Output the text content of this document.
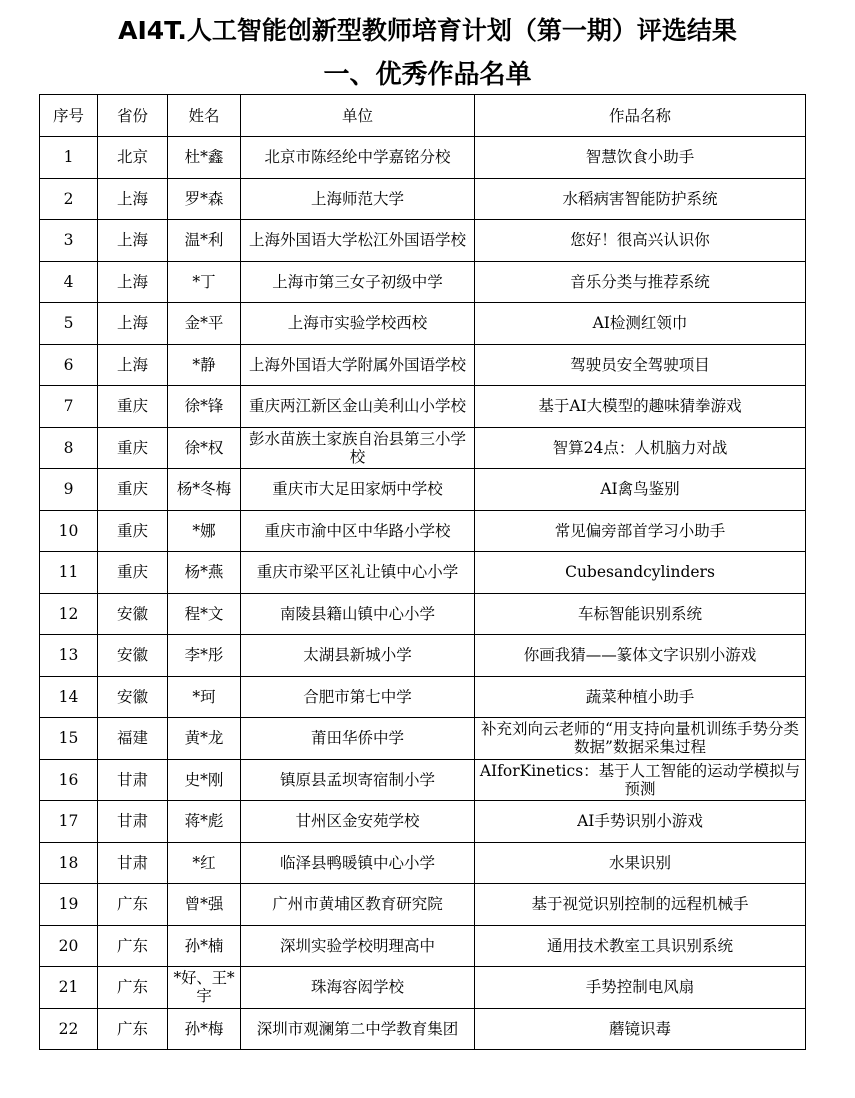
AI4T.人工智能创新型教师培育计划（第一期）评选结果
一、优秀作品名单
序号	省份	姓名	单位	作品名称
1	北京	杜*鑫	北京市陈经纶中学嘉铭分校	智慧饮食小助手
2	上海	罗*森	上海师范大学	水稻病害智能防护系统
3	上海	温*利	上海外国语大学松江外国语学校	您好！很高兴认识你
4	上海	*丁	上海市第三女子初级中学	音乐分类与推荐系统
5	上海	金*平	上海市实验学校西校	AI检测红领巾
6	上海	*静	上海外国语大学附属外国语学校	驾驶员安全驾驶项目
7	重庆	徐*锋	重庆两江新区金山美利山小学校	基于AI大模型的趣味猜拳游戏
8	重庆	徐*权	彭水苗族土家族自治县第三小学校	智算24点：人机脑力对战
9	重庆	杨*冬梅	重庆市大足田家炳中学校	AI禽鸟鉴别
10	重庆	*娜	重庆市渝中区中华路小学校	常见偏旁部首学习小助手
11	重庆	杨*燕	重庆市梁平区礼让镇中心小学	Cubesandcylinders
12	安徽	程*文	南陵县籍山镇中心小学	车标智能识别系统
13	安徽	李*彤	太湖县新城小学	你画我猜——篆体文字识别小游戏
14	安徽	*珂	合肥市第七中学	蔬菜种植小助手
15	福建	黄*龙	莆田华侨中学	补充刘向云老师的“用支持向量机训练手势分类数据”数据采集过程
16	甘肃	史*刚	镇原县孟坝寄宿制小学	AIforKinetics：基于人工智能的运动学模拟与预测
17	甘肃	蒋*彪	甘州区金安苑学校	AI手势识别小游戏
18	甘肃	*红	临泽县鸭暖镇中心小学	水果识别
19	广东	曾*强	广州市黄埔区教育研究院	基于视觉识别控制的远程机械手
20	广东	孙*楠	深圳实验学校明理高中	通用技术教室工具识别系统
21	广东	*好、王*宇	珠海容闳学校	手势控制电风扇
22	广东	孙*梅	深圳市观澜第二中学教育集团	蘑镜识毒
